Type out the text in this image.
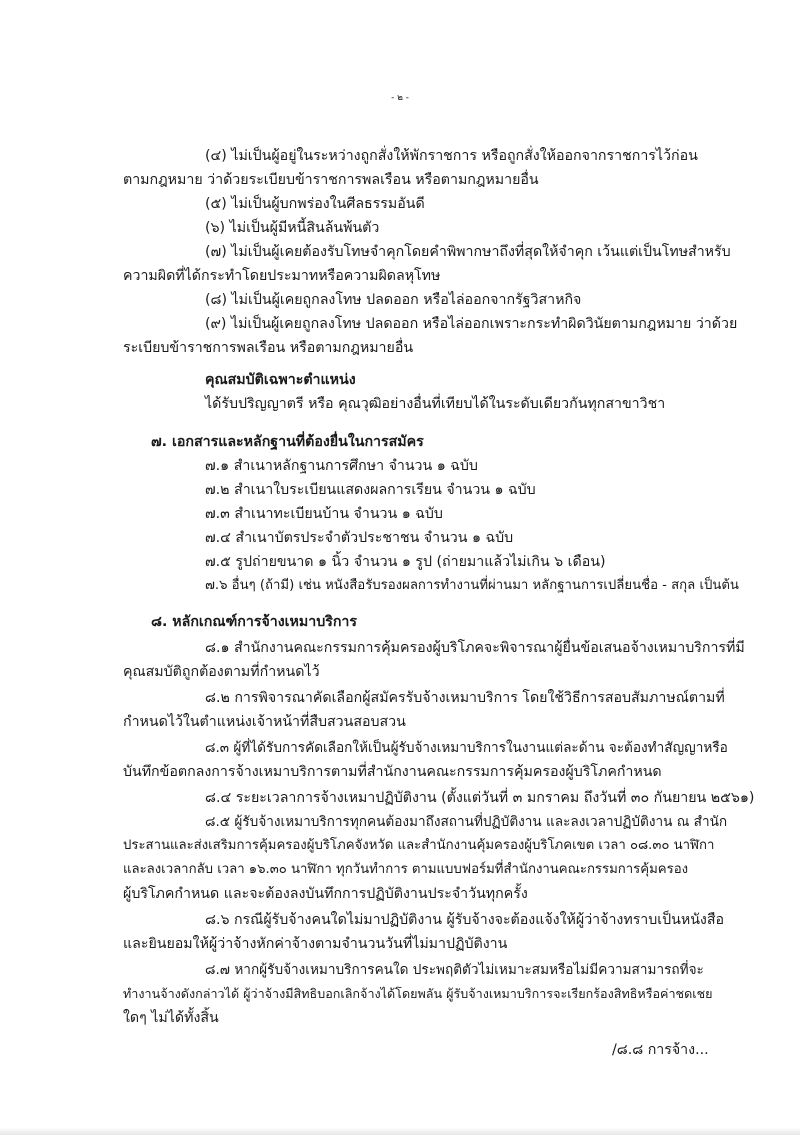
- ๒ -
(๔) ไม่เป็นผู้อยู่ในระหว่างถูกสั่งให้พักราชการ หรือถูกสั่งให้ออกจากราชการไว้ก่อน
ตามกฎหมาย ว่าด้วยระเบียบข้าราชการพลเรือน หรือตามกฎหมายอื่น
(๕) ไม่เป็นผู้บกพร่องในศีลธรรมอันดี
(๖) ไม่เป็นผู้มีหนี้สินล้นพ้นตัว
(๗) ไม่เป็นผู้เคยต้องรับโทษจำคุกโดยคำพิพากษาถึงที่สุดให้จำคุก เว้นแต่เป็นโทษสำหรับ
ความผิดที่ได้กระทำโดยประมาทหรือความผิดลหุโทษ
(๘) ไม่เป็นผู้เคยถูกลงโทษ ปลดออก หรือไล่ออกจากรัฐวิสาหกิจ
(๙) ไม่เป็นผู้เคยถูกลงโทษ ปลดออก หรือไล่ออกเพราะกระทำผิดวินัยตามกฎหมาย ว่าด้วย
ระเบียบข้าราชการพลเรือน หรือตามกฎหมายอื่น
คุณสมบัติเฉพาะตำแหน่ง
ได้รับปริญญาตรี หรือ คุณวุฒิอย่างอื่นที่เทียบได้ในระดับเดียวกันทุกสาขาวิชา
๗. เอกสารและหลักฐานที่ต้องยื่นในการสมัคร
๗.๑ สำเนาหลักฐานการศึกษา จำนวน ๑ ฉบับ
๗.๒ สำเนาใบระเบียนแสดงผลการเรียน จำนวน ๑ ฉบับ
๗.๓ สำเนาทะเบียนบ้าน จำนวน ๑ ฉบับ
๗.๔ สำเนาบัตรประจำตัวประชาชน จำนวน ๑ ฉบับ
๗.๕ รูปถ่ายขนาด ๑ นิ้ว จำนวน ๑ รูป (ถ่ายมาแล้วไม่เกิน ๖ เดือน)
๗.๖ อื่นๆ (ถ้ามี) เช่น หนังสือรับรองผลการทำงานที่ผ่านมา หลักฐานการเปลี่ยนชื่อ - สกุล เป็นต้น
๘. หลักเกณฑ์การจ้างเหมาบริการ
๘.๑ สำนักงานคณะกรรมการคุ้มครองผู้บริโภคจะพิจารณาผู้ยื่นข้อเสนอจ้างเหมาบริการที่มี
คุณสมบัติถูกต้องตามที่กำหนดไว้
๘.๒ การพิจารณาคัดเลือกผู้สมัครรับจ้างเหมาบริการ โดยใช้วิธีการสอบสัมภาษณ์ตามที่
กำหนดไว้ในตำแหน่งเจ้าหน้าที่สืบสวนสอบสวน
๘.๓ ผู้ที่ได้รับการคัดเลือกให้เป็นผู้รับจ้างเหมาบริการในงานแต่ละด้าน จะต้องทำสัญญาหรือ
บันทึกข้อตกลงการจ้างเหมาบริการตามที่สำนักงานคณะกรรมการคุ้มครองผู้บริโภคกำหนด
๘.๔ ระยะเวลาการจ้างเหมาปฏิบัติงาน (ตั้งแต่วันที่ ๓ มกราคม ถึงวันที่ ๓๐ กันยายน ๒๕๖๑)
๘.๕ ผู้รับจ้างเหมาบริการทุกคนต้องมาถึงสถานที่ปฏิบัติงาน และลงเวลาปฏิบัติงาน ณ สำนัก
ประสานและส่งเสริมการคุ้มครองผู้บริโภคจังหวัด และสำนักงานคุ้มครองผู้บริโภคเขต เวลา ๐๘.๓๐ นาฬิกา
และลงเวลากลับ เวลา ๑๖.๓๐ นาฬิกา ทุกวันทำการ ตามแบบฟอร์มที่สำนักงานคณะกรรมการคุ้มครอง
ผู้บริโภคกำหนด และจะต้องลงบันทึกการปฏิบัติงานประจำวันทุกครั้ง
๘.๖ กรณีผู้รับจ้างคนใดไม่มาปฏิบัติงาน ผู้รับจ้างจะต้องแจ้งให้ผู้ว่าจ้างทราบเป็นหนังสือ
และยินยอมให้ผู้ว่าจ้างหักค่าจ้างตามจำนวนวันที่ไม่มาปฏิบัติงาน
๘.๗ หากผู้รับจ้างเหมาบริการคนใด ประพฤติตัวไม่เหมาะสมหรือไม่มีความสามารถที่จะ
ทำงานจ้างดังกล่าวได้ ผู้ว่าจ้างมีสิทธิบอกเลิกจ้างได้โดยพลัน ผู้รับจ้างเหมาบริการจะเรียกร้องสิทธิหรือค่าชดเชย
ใดๆ ไม่ได้ทั้งสิ้น
/๘.๘ การจ้าง...
